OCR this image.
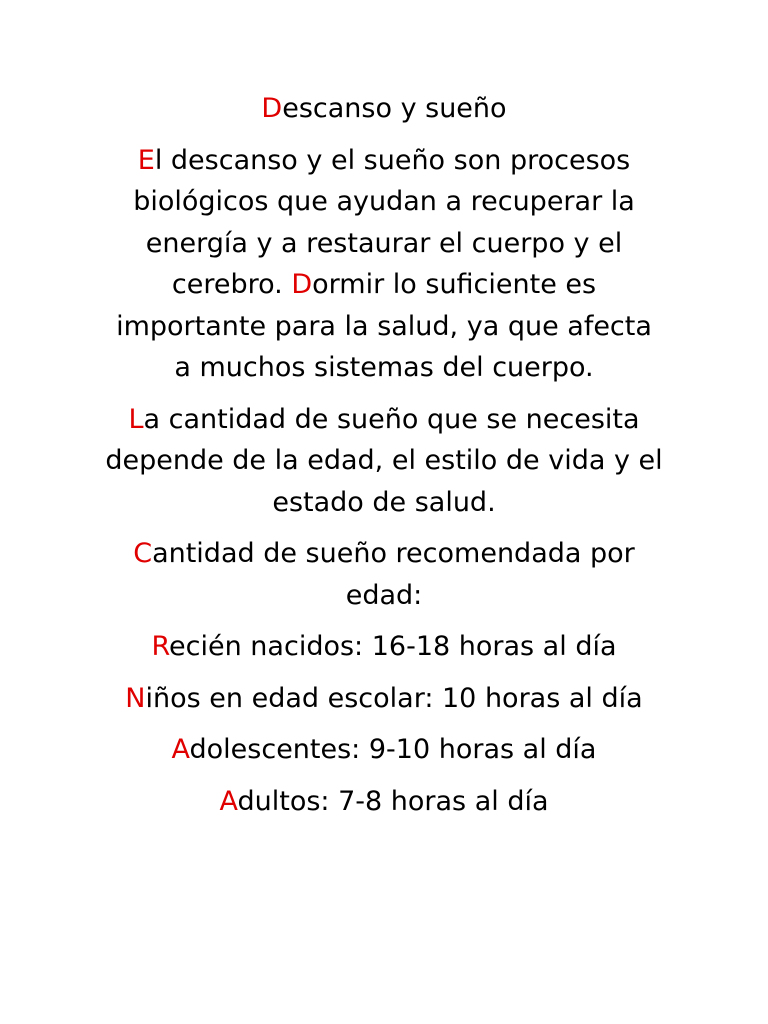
Descanso y sueño
El descanso y el sueño son procesos biológicos que ayudan a recuperar la energía y a restaurar el cuerpo y el cerebro. Dormir lo suficiente es importante para la salud, ya que afecta a muchos sistemas del cuerpo.
La cantidad de sueño que se necesita depende de la edad, el estilo de vida y el estado de salud.
Cantidad de sueño recomendada por edad:
Recién nacidos: 16-18 horas al día
Niños en edad escolar: 10 horas al día
Adolescentes: 9-10 horas al día
Adultos: 7-8 horas al día
